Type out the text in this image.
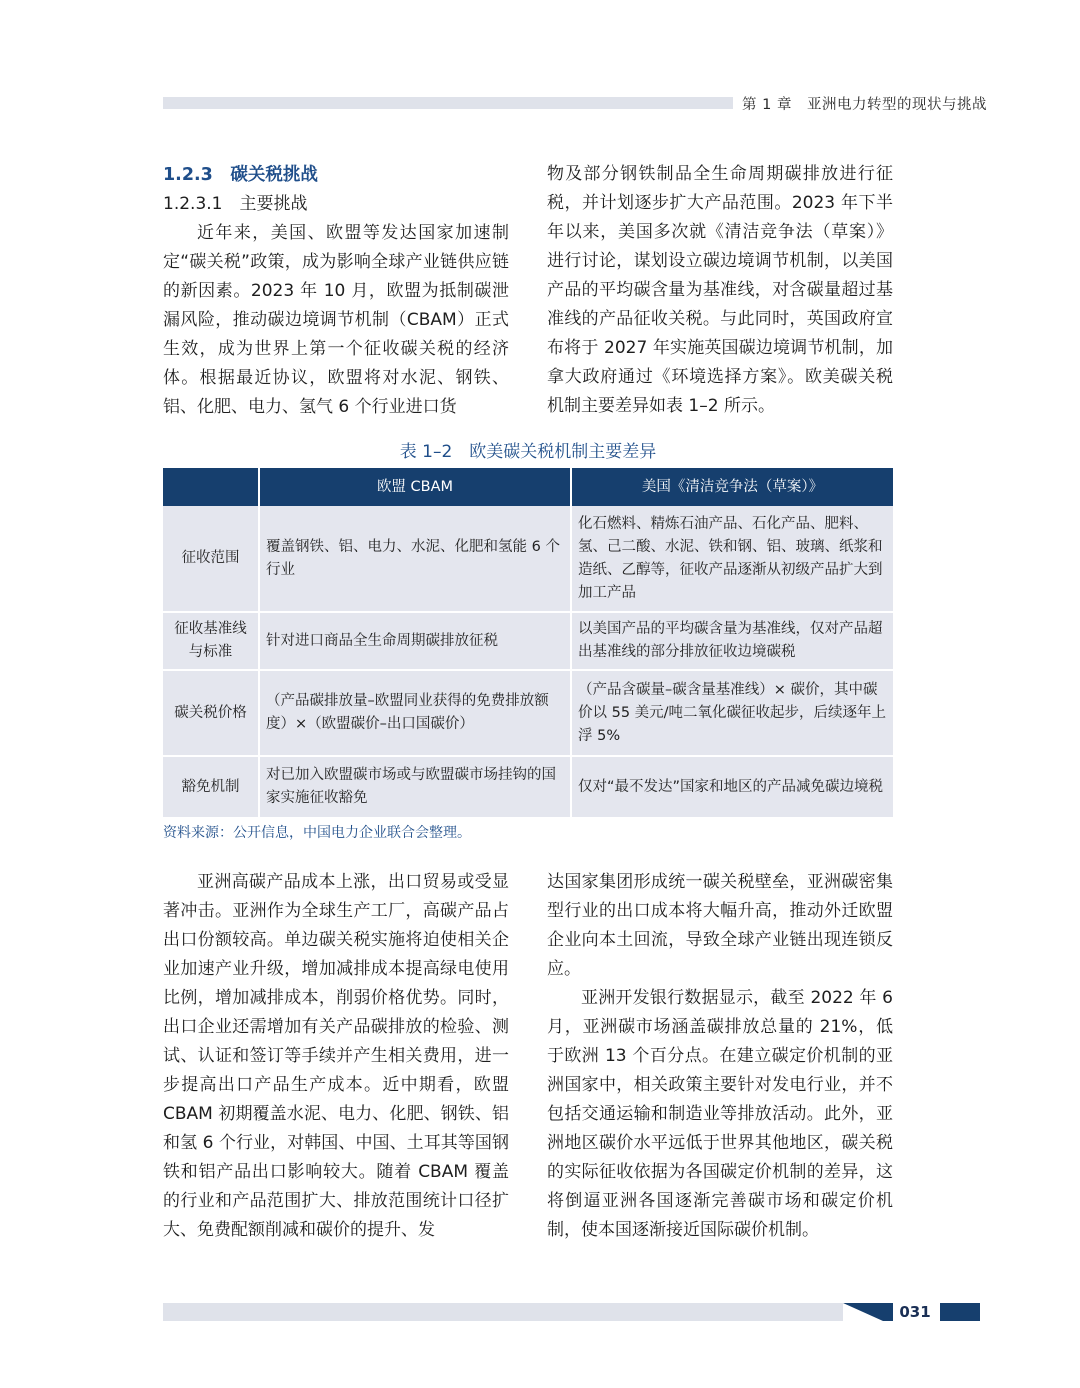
第 1 章　亚洲电力转型的现状与挑战
1.2.3　碳关税挑战
1.2.3.1　主要挑战

近年来，美国、欧盟等发达国家加速制定“碳关税”政策，成为影响全球产业链供应链的新因素。2023 年 10 月，欧盟为抵制碳泄漏风险，推动碳边境调节机制（CBAM）正式生效，成为世界上第一个征收碳关税的经济体。根据最近协议，欧盟将对水泥、钢铁、铝、化肥、电力、氢气 6 个行业进口货

物及部分钢铁制品全生命周期碳排放进行征税，并计划逐步扩大产品范围。2023 年下半年以来，美国多次就《清洁竞争法（草案）》进行讨论，谋划设立碳边境调节机制，以美国产品的平均碳含量为基准线，对含碳量超过基准线的产品征收关税。与此同时，英国政府宣布将于 2027 年实施英国碳边境调节机制，加拿大政府通过《环境选择方案》。欧美碳关税机制主要差异如表 1–2 所示。

表 1–2　欧美碳关税机制主要差异
	欧盟 CBAM	美国《清洁竞争法（草案）》
征收范围	覆盖钢铁、铝、电力、水泥、化肥和氢能 6 个行业	化石燃料、精炼石油产品、石化产品、肥料、氢、己二酸、水泥、铁和钢、铝、玻璃、纸浆和造纸、乙醇等，征收产品逐渐从初级产品扩大到加工产品
征收基准线与标准	针对进口商品全生命周期碳排放征税	以美国产品的平均碳含量为基准线，仅对产品超出基准线的部分排放征收边境碳税
碳关税价格	（产品碳排放量–欧盟同业获得的免费排放额度）×（欧盟碳价–出口国碳价）	（产品含碳量–碳含量基准线）× 碳价，其中碳价以 55 美元/吨二氧化碳征收起步，后续逐年上浮 5%
豁免机制	对已加入欧盟碳市场或与欧盟碳市场挂钩的国家实施征收豁免	仅对“最不发达”国家和地区的产品减免碳边境税
资料来源：公开信息，中国电力企业联合会整理。

亚洲高碳产品成本上涨，出口贸易或受显著冲击。亚洲作为全球生产工厂，高碳产品占出口份额较高。单边碳关税实施将迫使相关企业加速产业升级，增加减排成本提高绿电使用比例，增加减排成本，削弱价格优势。同时，出口企业还需增加有关产品碳排放的检验、测试、认证和签订等手续并产生相关费用，进一步提高出口产品生产成本。近中期看，欧盟 CBAM 初期覆盖水泥、电力、化肥、钢铁、铝和氢 6 个行业，对韩国、中国、土耳其等国钢铁和铝产品出口影响较大。随着 CBAM 覆盖的行业和产品范围扩大、排放范围统计口径扩大、免费配额削减和碳价的提升、发

达国家集团形成统一碳关税壁垒，亚洲碳密集型行业的出口成本将大幅升高，推动外迁欧盟企业向本土回流，导致全球产业链出现连锁反应。

亚洲开发银行数据显示，截至 2022 年 6 月，亚洲碳市场涵盖碳排放总量的 21%，低于欧洲 13 个百分点。在建立碳定价机制的亚洲国家中，相关政策主要针对发电行业，并不包括交通运输和制造业等排放活动。此外，亚洲地区碳价水平远低于世界其他地区，碳关税的实际征收依据为各国碳定价机制的差异，这将倒逼亚洲各国逐渐完善碳市场和碳定价机制，使本国逐渐接近国际碳价机制。

031
